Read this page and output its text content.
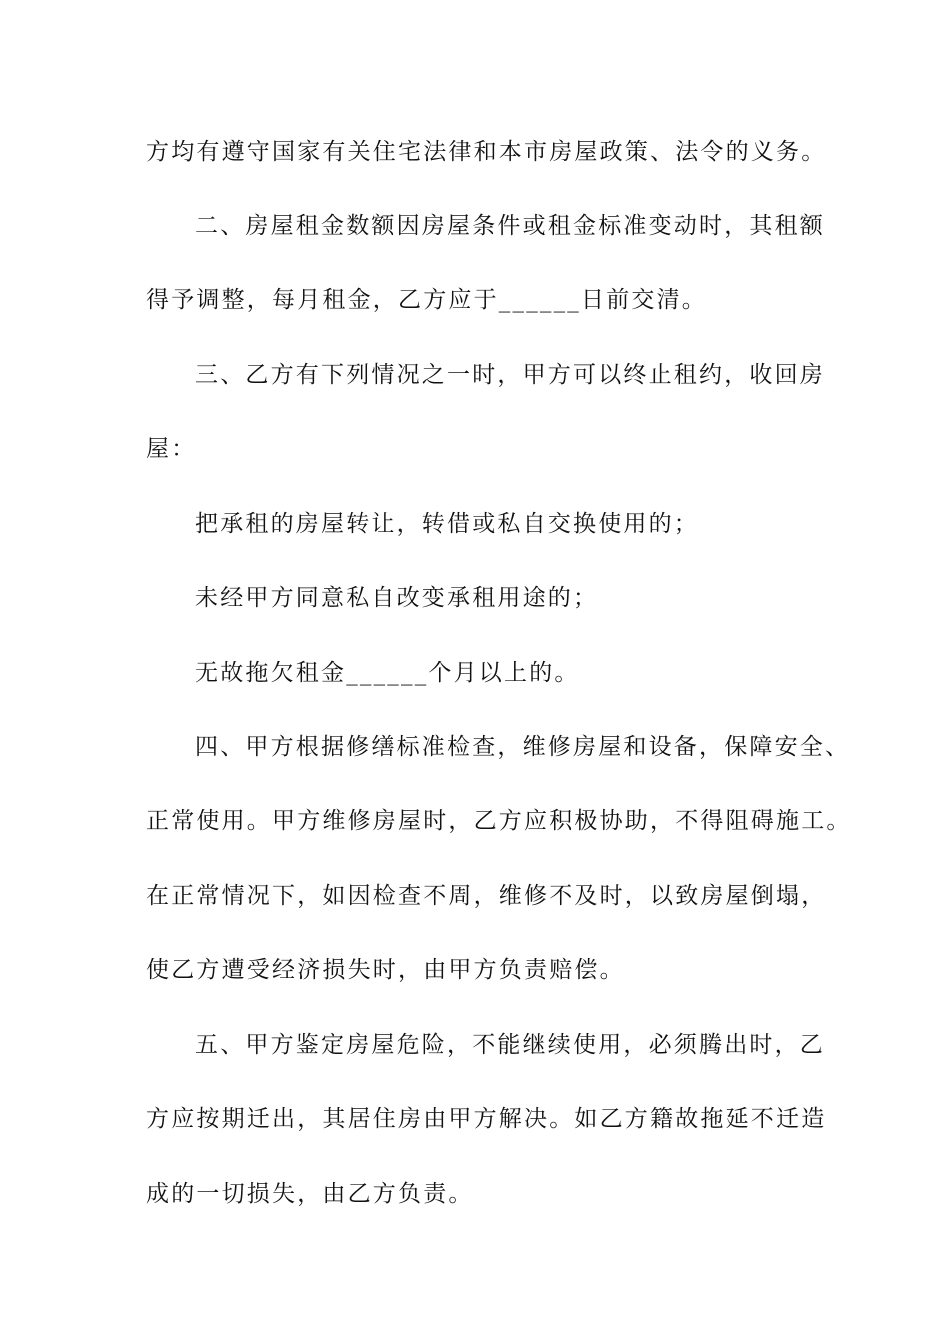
方均有遵守国家有关住宅法律和本市房屋政策、法令的义务。
二、房屋租金数额因房屋条件或租金标准变动时，其租额
得予调整，每月租金，乙方应于______日前交清。
三、乙方有下列情况之一时，甲方可以终止租约，收回房
屋：
把承租的房屋转让，转借或私自交换使用的；
未经甲方同意私自改变承租用途的；
无故拖欠租金______个月以上的。
四、甲方根据修缮标准检查，维修房屋和设备，保障安全、
正常使用。甲方维修房屋时，乙方应积极协助，不得阻碍施工。
在正常情况下，如因检查不周，维修不及时，以致房屋倒塌，
使乙方遭受经济损失时，由甲方负责赔偿。
五、甲方鉴定房屋危险，不能继续使用，必须腾出时，乙
方应按期迁出，其居住房由甲方解决。如乙方籍故拖延不迁造
成的一切损失，由乙方负责。
